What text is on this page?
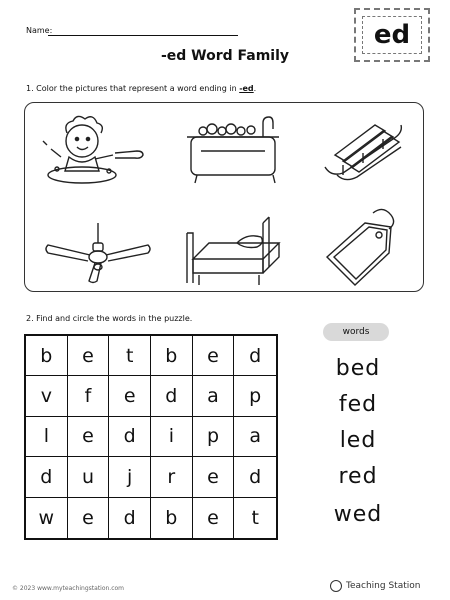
Name:
-ed Word Family
ed
1. Color the pictures that represent a word ending in -ed.
2. Find and circle the words in the puzzle.
b	e	t	b	e	d
v	f	e	d	a	p
l	e	d	i	p	a
d	u	j	r	e	d
w	e	d	b	e	t
words
bed
fed
led
red
wed
© 2023 www.myteachingstation.com	Teaching Station
